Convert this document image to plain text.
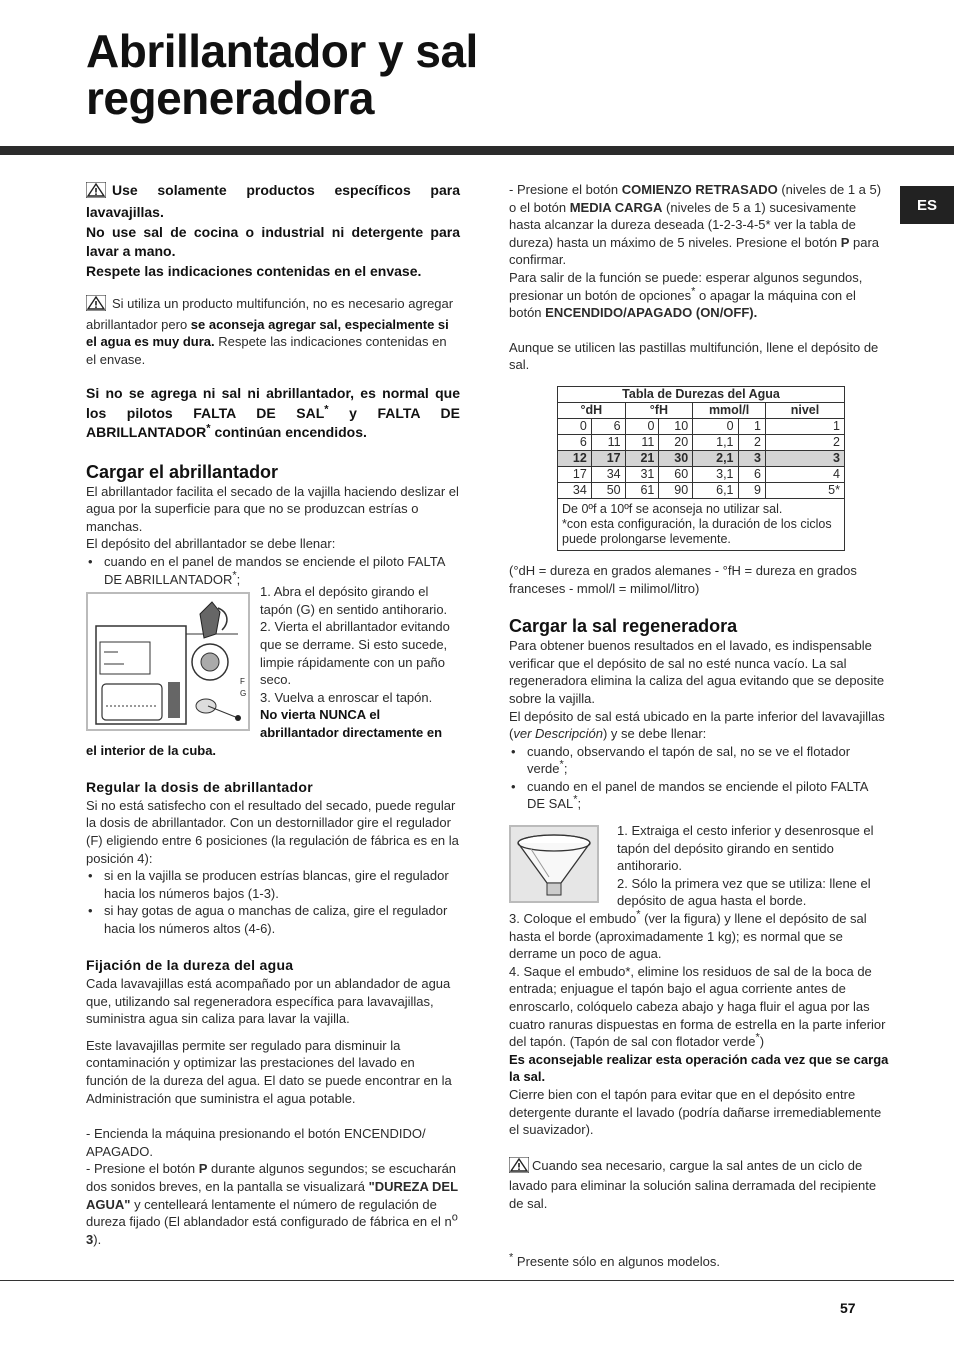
Abrillantador y sal
regeneradora
ES
Use solamente productos específicos para lavavajillas.
No use sal de cocina o industrial ni detergente para lavar a mano.
Respete las indicaciones contenidas en el envase.

Si utiliza un producto multifunción, no es necesario agregar abrillantador pero se aconseja agregar sal, especialmente si el agua es muy dura. Respete las indicaciones contenidas en el envase.

Si no se agrega ni sal ni abrillantador, es normal que los pilotos FALTA DE SAL* y FALTA DE ABRILLANTADOR* continúan encendidos.
Cargar el abrillantador

El abrillantador facilita el secado de la vajilla haciendo deslizar el agua por la superficie para que no se produzcan estrías o manchas.

El depósito del abrillantador se debe llenar:

• cuando en el panel de mandos se enciende el piloto FALTA DE ABRILLANTADOR*;
G
F

1. Abra el depósito girando el tapón (G) en sentido antihorario.

2. Vierta el abrillantador evitando que se derrame. Si esto sucede, limpie rápidamente con un paño seco.

3. Vuelva a enroscar el tapón.

No vierta NUNCA el abrillantador directamente en

el interior de la cuba.

Regular la dosis de abrillantador

Si no está satisfecho con el resultado del secado, puede regular la dosis de abrillantador. Con un destornillador gire el regulador (F) eligiendo entre 6 posiciones (la regulación de fábrica es en la posición 4):

• si en la vajilla se producen estrías blancas, gire el regulador hacia los números bajos (1-3).
• si hay gotas de agua o manchas de caliza, gire el regulador hacia los números altos (4-6).
Fijación de la dureza del agua

Cada lavavajillas está acompañado por un ablandador de agua que, utilizando sal regeneradora específica para lavavajillas, suministra agua sin caliza para lavar la vajilla.

Este lavavajillas permite ser regulado para disminuir la contaminación y optimizar las prestaciones del lavado en función de la dureza del agua. El dato se puede encontrar en la Administración que suministra el agua potable.

- Encienda la máquina presionando el botón ENCENDIDO/ APAGADO.

- Presione el botón P durante algunos segundos; se escucharán dos sonidos breves, en la pantalla se visualizará "DUREZA DEL AGUA" y centelleará lentamente el número de regulación de dureza fijado (El ablandador está configurado de fábrica en el $n^o$ 3).

- Presione el botón COMIENZO RETRASADO (niveles de 1 a 5) o el botón MEDIA CARGA (niveles de 5 a 1) sucesivamente hasta alcanzar la dureza deseada (1-2-3-4-5* ver la tabla de dureza) hasta un máximo de 5 niveles. Presione el botón P para confirmar.

Para salir de la función se puede: esperar algunos segundos, presionar un botón de opciones* o apagar la máquina con el botón ENCENDIDO/APAGADO (ON/OFF).

Aunque se utilicen las pastillas multifunción, llene el depósito de sal.

Tabla de Durezas del Agua						
°dH		°fH		mmol/l		nivel
0	6	0	10	0	1	1
6	11	11	20	1,1	2	2
12	17	21	30	2,1	3	3
17	34	31	60	3,1	6	4
34	50	61	90	6,1	9	5*
De 0ºf a 10ºf se aconseja no utilizar sal.
*con esta configuración, la duración de los ciclos puede prolongarse levemente.						

(°dH = dureza en grados alemanes - °fH = dureza en grados franceses - mmol/l = milimol/litro)

Cargar la sal regeneradora

Para obtener buenos resultados en el lavado, es indispensable verificar que el depósito de sal no esté nunca vacío. La sal regeneradora elimina la caliza del agua evitando que se deposite sobre la vajilla.

El depósito de sal está ubicado en la parte inferior del lavavajillas (ver Descripción) y se debe llenar:

• cuando, observando el tapón de sal, no se ve el flotador verde*;
• cuando en el panel de mandos se enciende el piloto FALTA DE SAL*;

1. Extraiga el cesto inferior y desenrosque el tapón del depósito girando en sentido antihorario.

2. Sólo la primera vez que se utiliza: llene el depósito de agua hasta el borde.

3. Coloque el embudo* (ver la figura) y llene el depósito de sal hasta el borde (aproximadamente 1 kg); es normal que se derrame un poco de agua.

4. Saque el embudo*, elimine los residuos de sal de la boca de entrada; enjuague el tapón bajo el agua corriente antes de enroscarlo, colóquelo cabeza abajo y haga fluir el agua por las cuatro ranuras dispuestas en forma de estrella en la parte inferior del tapón. (Tapón de sal con flotador verde*)

Es aconsejable realizar esta operación cada vez que se carga la sal.

Cierre bien con el tapón para evitar que en el depósito entre detergente durante el lavado (podría dañarse irremediablemente el suavizador).

Cuando sea necesario, cargue la sal antes de un ciclo de lavado para eliminar la solución salina derramada del recipiente de sal.

* Presente sólo en algunos modelos.
57
